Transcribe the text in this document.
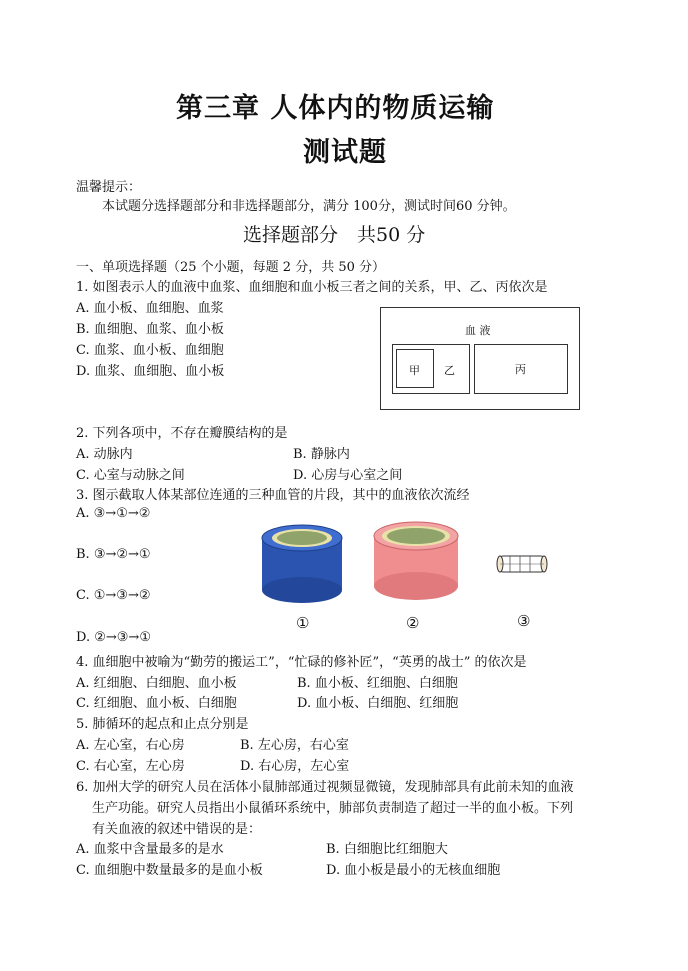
第三章 人体内的物质运输
测试题
温馨提示：
本试题分选择题部分和非选择题部分，满分 100分，测试时间60 分钟。
选择题部分　共50 分
一、单项选择题（25 个小题，每题 2 分，共 50 分）
1. 如图表示人的血液中血浆、血细胞和血小板三者之间的关系，甲、乙、丙依次是
A. 血小板、血细胞、血浆
B. 血细胞、血浆、血小板
C. 血浆、血小板、血细胞
D. 血浆、血细胞、血小板
血 液
甲 乙	丙
2. 下列各项中，不存在瓣膜结构的是
A. 动脉内	B. 静脉内
C. 心室与动脉之间	D. 心房与心室之间
3. 图示截取人体某部位连通的三种血管的片段，其中的血液依次流经
A. ③→①→②
B. ③→②→①
C. ①→③→②
D. ②→③→①
①	②	③
4. 血细胞中被喻为“勤劳的搬运工”，“忙碌的修补匠”，“英勇的战士” 的依次是
A. 红细胞、白细胞、血小板	B. 血小板、红细胞、白细胞
C. 红细胞、血小板、白细胞	D. 血小板、白细胞、红细胞
5. 肺循环的起点和止点分别是
A. 左心室，右心房	B. 左心房，右心室
C. 右心室，左心房	D. 右心房，左心室
6. 加州大学的研究人员在活体小鼠肺部通过视频显微镜，发现肺部具有此前未知的血液
生产功能。研究人员指出小鼠循环系统中，肺部负责制造了超过一半的血小板。下列
有关血液的叙述中错误的是：
A. 血浆中含量最多的是水	B. 白细胞比红细胞大
C. 血细胞中数量最多的是血小板	D. 血小板是最小的无核血细胞
